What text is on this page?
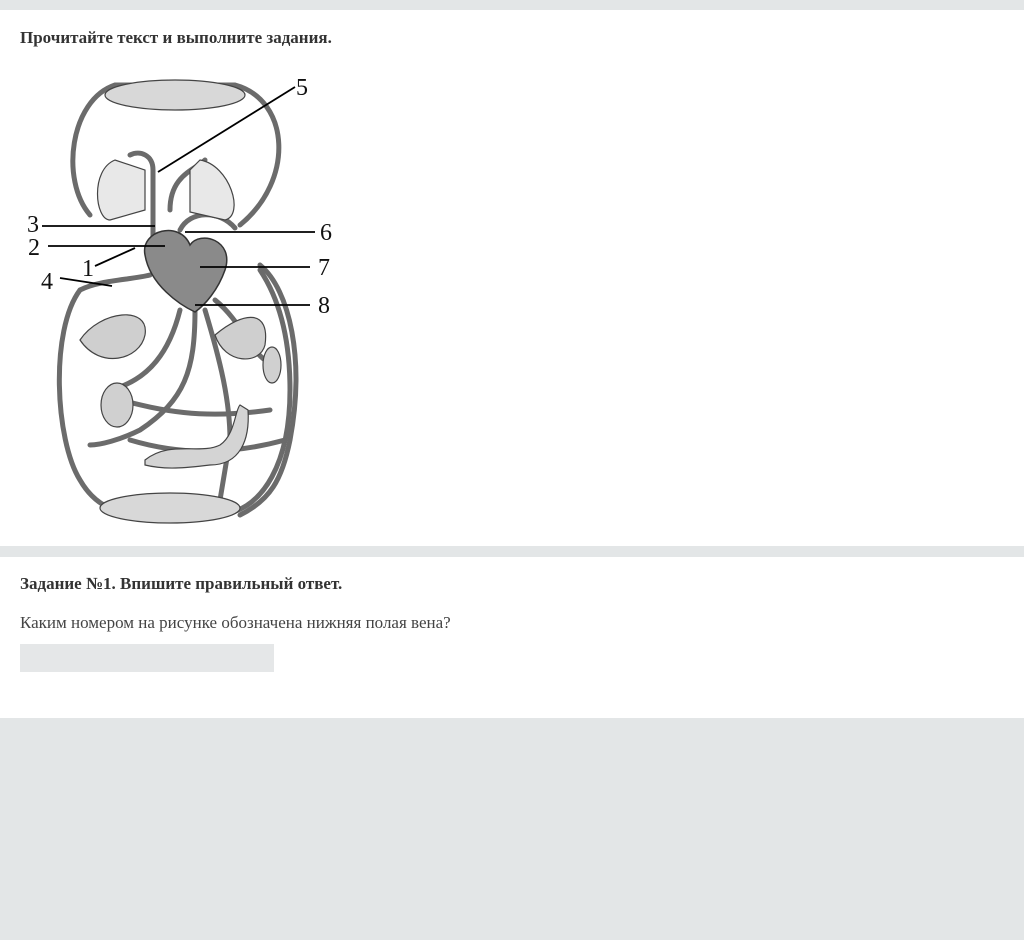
Прочитайте текст и выполните задания.
1
2
3
4
5
6
7
8
Задание №1. Впишите правильный ответ.
Каким номером на рисунке обозначена нижняя полая вена?
